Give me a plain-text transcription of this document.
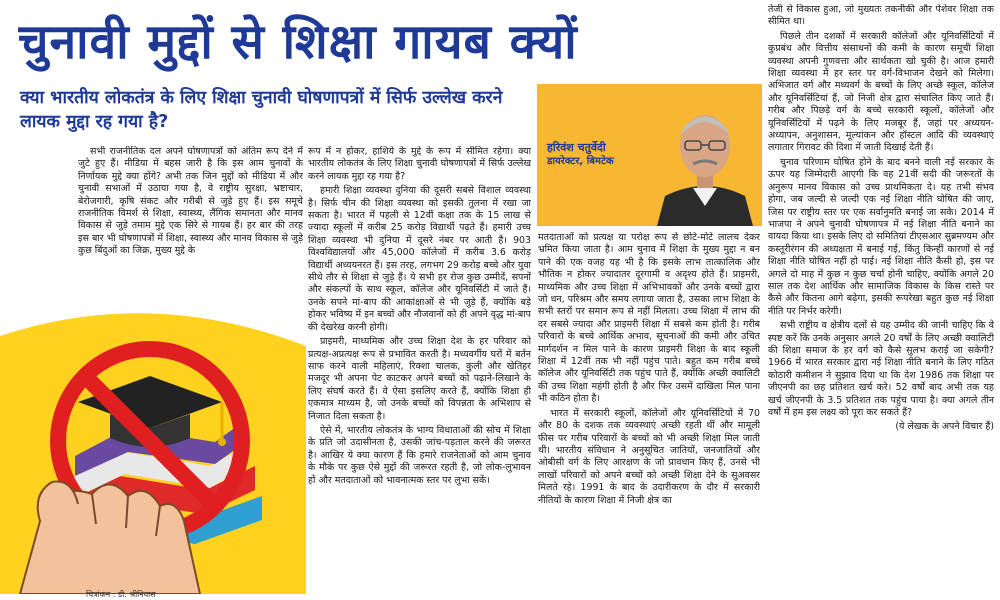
चुनावी मुद्दों से शिक्षा गायब क्यों
क्या भारतीय लोकतंत्र के लिए शिक्षा चुनावी घोषणापत्रों में सिर्फ उल्लेख करने लायक मुद्दा रह गया है?

सभी राजनीतिक दल अपने घोषणापत्रों को अंतिम रूप देने में जुटे हुए हैं। मीडिया में बहस जारी है कि इस आम चुनावों के निर्णायक मुद्दे क्या होंगे? अभी तक जिन मुद्दों को मीडिया में और चुनावी सभाओं में उठाया गया है, वे राष्ट्रीय सुरक्षा, भ्रष्टाचार, बेरोजगारी, कृषि संकट और गरीबी से जुड़े हुए हैं। इस समूचे राजनीतिक विमर्श से शिक्षा, स्वास्थ्य, लैंगिक समानता और मानव विकास से जुड़े तमाम मुद्दे एक सिरे से गायब हैं। हर बार की तरह इस बार भी घोषणापत्रों में शिक्षा, स्वास्थ्य और मानव विकास से जुड़े कुछ बिंदुओं का जिक्र, मुख्य मुद्दे के

रूप में न होकर, हाशिये के मुद्दे के रूप में सीमित रहेगा। क्या भारतीय लोकतंत्र के लिए शिक्षा चुनावी घोषणापत्रों में सिर्फ उल्लेख करने लायक मुद्दा रह गया है?

हमारी शिक्षा व्यवस्था दुनिया की दूसरी सबसे विशाल व्यवस्था है। सिर्फ चीन की शिक्षा व्यवस्था को इसकी तुलना में रखा जा सकता है। भारत में पहली से 12वीं कक्षा तक के 15 लाख से ज्यादा स्कूलों में करीब 25 करोड़ विद्यार्थी पढ़ते हैं। हमारी उच्च शिक्षा व्यवस्था भी दुनिया में दूसरे नंबर पर आती है। 903 विश्वविद्यालयों और 45,000 कॉलेजों में करीब 3.6 करोड़ विद्यार्थी अध्ययनरत हैं। इस तरह, लगभग 29 करोड़ बच्चे और युवा सीधे तौर से शिक्षा से जुड़े हैं। ये सभी हर रोज कुछ उम्मीदें, सपनों और संकल्पों के साथ स्कूल, कॉलेज और यूनिवर्सिटी में जाते हैं। उनके सपने मां-बाप की आकांक्षाओं से भी जुड़े हैं, क्योंकि बड़े होकर भविष्य में इन बच्चों और नौजवानों को ही अपने वृद्ध मां-बाप की देखरेख करनी होगी।

प्राइमरी, माध्यमिक और उच्च शिक्षा देश के हर परिवार को प्रत्यक्ष-अप्रत्यक्ष रूप से प्रभावित करती है। मध्यवर्गीय घरों में बर्तन साफ करने वाली महिलाएं, रिक्शा चालक, कुली और खेतिहर मजदूर भी अपना पेट काटकर अपने बच्चों को पढ़ाने-लिखाने के लिए संघर्ष करते हैं। वे ऐसा इसलिए करते हैं, क्योंकि शिक्षा ही एकमात्र माध्यम है, जो उनके बच्चों को विपन्नता के अभिशाप से निजात दिला सकता है।

ऐसे में, भारतीय लोकतंत्र के भाग्य विधाताओं की सोच में शिक्षा के प्रति जो उदासीनता है, उसकी जांच-पड़ताल करने की जरूरत है। आखिर ये क्या कारण हैं कि हमारे राजनेताओं को आम चुनाव के मौके पर कुछ ऐसे मुद्दों की जरूरत रहती है, जो लोक-लुभावन हों और मतदाताओं को भावनात्मक स्तर पर लुभा सकें।

हरिवंश चतुर्वेदी
डायरेक्टर, बिमटेक

मतदाताओं को प्रत्यक्ष या परोक्ष रूप से छोटे-मोटे लालच देकर भ्रमित किया जाता है। आम चुनाव में शिक्षा के मुख्य मुद्दा न बन पाने की एक वजह यह भी है कि इसके लाभ तात्कालिक और भौतिक न होकर ज्यादातर दूरगामी व अदृश्य होते हैं। प्राइमरी, माध्यमिक और उच्च शिक्षा में अभिभावकों और उनके बच्चों द्वारा जो धन, परिश्रम और समय लगाया जाता है, उसका लाभ शिक्षा के सभी स्तरों पर समान रूप से नहीं मिलता। उच्च शिक्षा में लाभ की दर सबसे ज्यादा और प्राइमरी शिक्षा में सबसे कम होती है। गरीब परिवारों के बच्चे आर्थिक अभाव, सूचनाओं की कमी और उचित मार्गदर्शन न मिल पाने के कारण प्राइमरी शिक्षा के बाद स्कूली शिक्षा में 12वीं तक भी नहीं पहुंच पाते। बहुत कम गरीब बच्चे कॉलेज और यूनिवर्सिटी तक पहुंच पाते हैं, क्योंकि अच्छी क्वालिटी की उच्च शिक्षा महंगी होती है और फिर उसमें दाखिला मिल पाना भी कठिन होता है।

भारत में सरकारी स्कूलों, कॉलेजों और यूनिवर्सिटियों में 70 और 80 के दशक तक व्यवस्थाएं अच्छी रहती थीं और मामूली फीस पर गरीब परिवारों के बच्चों को भी अच्छी शिक्षा मिल जाती थी। भारतीय संविधान ने अनुसूचित जातियों, जनजातियों और ओबीसी वर्ग के लिए आरक्षण के जो प्रावधान किए हैं, उनसे भी लाखों परिवारों को अपने बच्चों को अच्छी शिक्षा देने के सुअवसर मिलते रहे। 1991 के बाद के उदारीकरण के दौर में सरकारी नीतियों के कारण शिक्षा में निजी क्षेत्र का

तेजी से विकास हुआ, जो मुख्यतः तकनीकी और पेशेवर शिक्षा तक सीमित था।

पिछले तीन दशकों में सरकारी कॉलेजों और यूनिवर्सिटियों में कुप्रबंध और वित्तीय संसाधनों की कमी के कारण समूची शिक्षा व्यवस्था अपनी गुणवत्ता और सार्थकता खो चुकी है। आज हमारी शिक्षा व्यवस्था में हर स्तर पर वर्ग-विभाजन देखने को मिलेगा। अभिजात वर्ग और मध्यवर्ग के बच्चों के लिए अच्छे स्कूल, कॉलेज और यूनिवर्सिटियां हैं, जो निजी क्षेत्र द्वारा संचालित किए जाते हैं। गरीब और पिछड़े वर्ग के बच्चे सरकारी स्कूलों, कॉलेजों और यूनिवर्सिटियों में पढ़ने के लिए मजबूर हैं, जहां पर अध्ययन-अध्यापन, अनुशासन, मूल्यांकन और हॉस्टल आदि की व्यवस्थाएं लगातार गिरावट की दिशा में जाती दिखाई देती हैं।

चुनाव परिणाम घोषित होने के बाद बनने वाली नई सरकार के ऊपर यह जिम्मेदारी आएगी कि वह 21वीं सदी की जरूरतों के अनुरूप मानव विकास को उच्च प्राथमिकता दे। यह तभी संभव होगा, जब जल्दी से जल्दी एक नई शिक्षा नीति घोषित की जाए, जिस पर राष्ट्रीय स्तर पर एक सर्वानुमति बनाई जा सके। 2014 में भाजपा ने अपने चुनावी घोषणापत्र में नई शिक्षा नीति बनाने का वायदा किया था। इसके लिए दो समितियां टीएसआर सुब्रमण्यम और कस्तूरीरंगन की अध्यक्षता में बनाई गई, किंतु किन्हीं कारणों से नई शिक्षा नीति घोषित नहीं हो पाई। नई शिक्षा नीति कैसी हो, इस पर अगले दो माह में कुछ न कुछ चर्चा होनी चाहिए, क्योंकि अगले 20 साल तक देश आर्थिक और सामाजिक विकास के किस रास्ते पर कैसे और कितना आगे बढ़ेगा, इसकी रूपरेखा बहुत कुछ नई शिक्षा नीति पर निर्भर करेगी।

सभी राष्ट्रीय व क्षेत्रीय दलों से यह उम्मीद की जानी चाहिए कि वे स्पष्ट करें कि उनके अनुसार अगले 20 वर्षों के लिए अच्छी क्वालिटी की शिक्षा समाज के हर वर्ग को कैसे सुलभ कराई जा सकेगी? 1966 में भारत सरकार द्वारा नई शिक्षा नीति बनाने के लिए गठित कोठारी कमीशन ने सुझाव दिया था कि देश 1986 तक शिक्षा पर जीएनपी का छह प्रतिशत खर्च करे। 52 वर्षों बाद अभी तक यह खर्च जीएनपी के 3.5 प्रतिशत तक पहुंच पाया है। क्या अगले तीन वर्षों में हम इस लक्ष्य को पूरा कर सकते हैं?

(ये लेखक के अपने विचार हैं)

चित्रांकन : डी. श्रीनिवास
